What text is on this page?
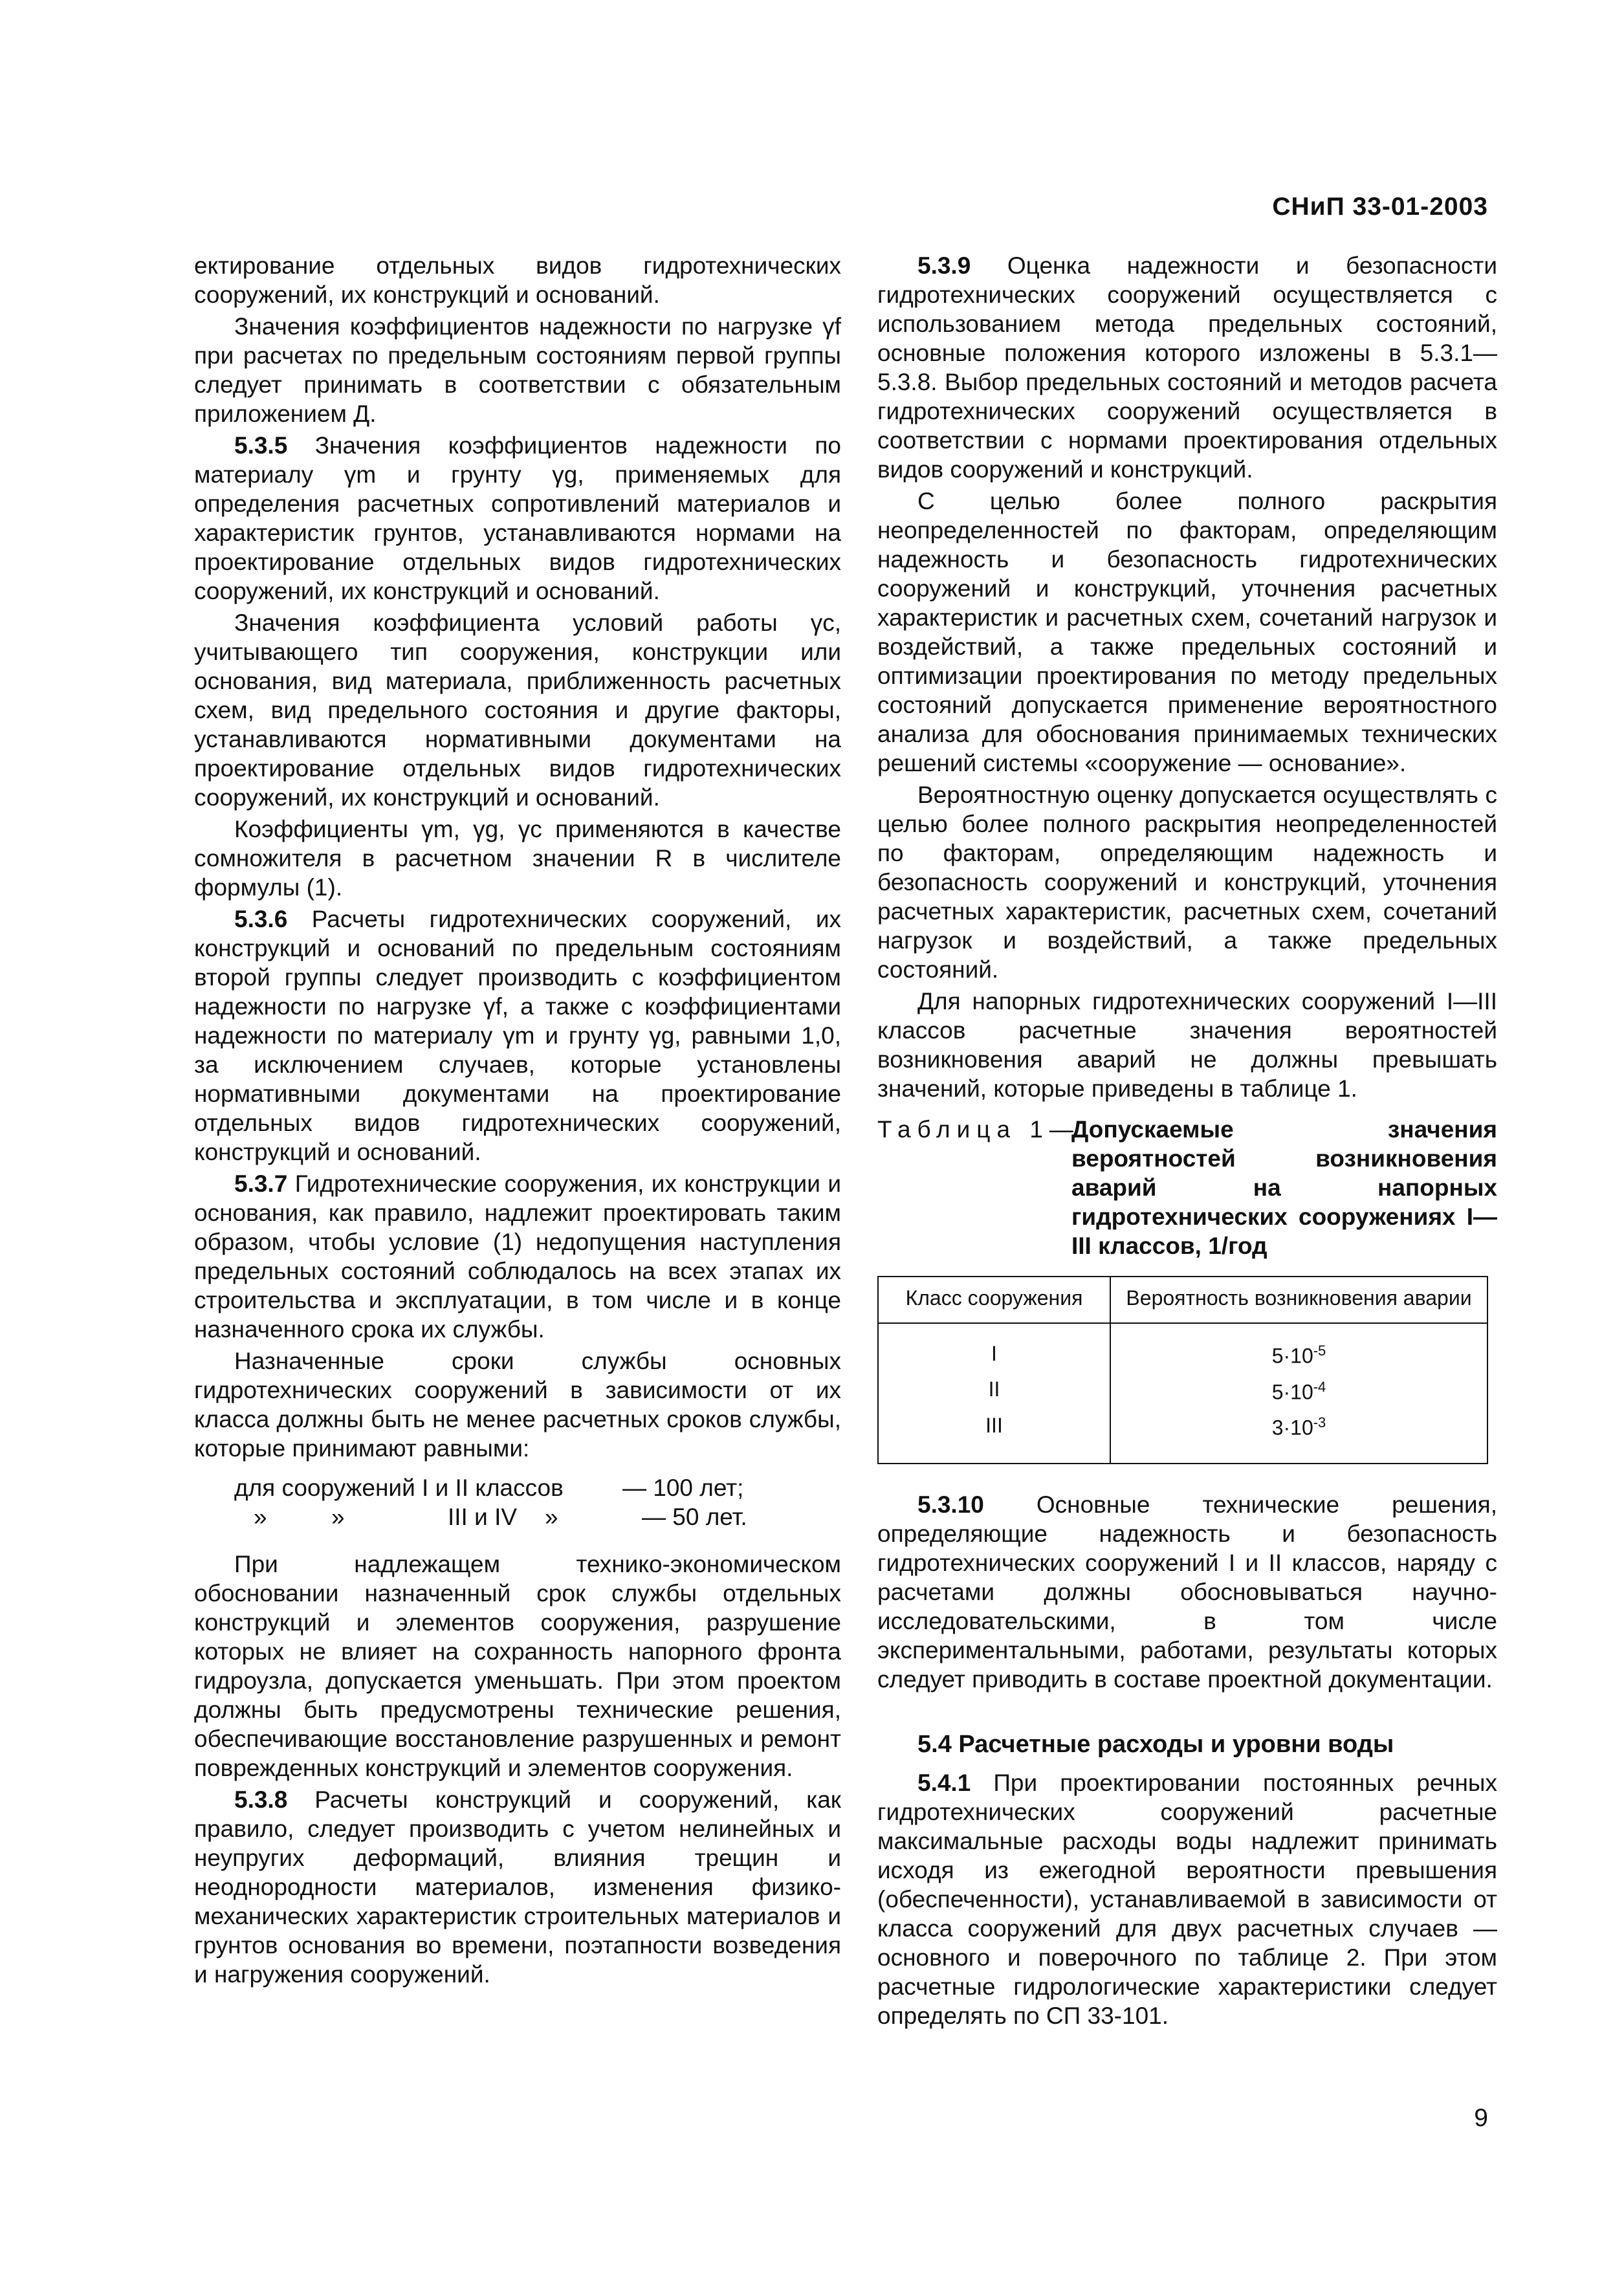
СНиП 33-01-2003

ектирование отдельных видов гидротехнических сооружений, их конструкций и оснований.

Значения коэффициентов надежности по нагрузке γf при расчетах по предельным состояниям первой группы следует принимать в соответствии с обязательным приложением Д.

5.3.5 Значения коэффициентов надежности по материалу γm и грунту γg, применяемых для определения расчетных сопротивлений материалов и характеристик грунтов, устанавливаются нормами на проектирование отдельных видов гидротехнических сооружений, их конструкций и оснований.

Значения коэффициента условий работы γc, учитывающего тип сооружения, конструкции или основания, вид материала, приближенность расчетных схем, вид предельного состояния и другие факторы, устанавливаются нормативными документами на проектирование отдельных видов гидротехнических сооружений, их конструкций и оснований.

Коэффициенты γm, γg, γc применяются в качестве сомножителя в расчетном значении R в числителе формулы (1).

5.3.6 Расчеты гидротехнических сооружений, их конструкций и оснований по предельным состояниям второй группы следует производить с коэффициентом надежности по нагрузке γf, а также с коэффициентами надежности по материалу γm и грунту γg, равными 1,0, за исключением случаев, которые установлены нормативными документами на проектирование отдельных видов гидротехнических сооружений, конструкций и оснований.

5.3.7 Гидротехнические сооружения, их конструкции и основания, как правило, надлежит проектировать таким образом, чтобы условие (1) недопущения наступления предельных состояний соблюдалось на всех этапах их строительства и эксплуатации, в том числе и в конце назначенного срока их службы.

Назначенные сроки службы основных гидротехнических сооружений в зависимости от их класса должны быть не менее расчетных сроков службы, которые принимают равными:

для сооружений I и II классов	— 100 лет;
»	»	III и IV	»	— 50 лет.

При надлежащем технико-экономическом обосновании назначенный срок службы отдельных конструкций и элементов сооружения, разрушение которых не влияет на сохранность напорного фронта гидроузла, допускается уменьшать. При этом проектом должны быть предусмотрены технические решения, обеспечивающие восстановление разрушенных и ремонт поврежденных конструкций и элементов сооружения.

5.3.8 Расчеты конструкций и сооружений, как правило, следует производить с учетом нелинейных и неупругих деформаций, влияния трещин и неоднородности материалов, изменения физико-механических характеристик строительных материалов и грунтов основания во времени, поэтапности возведения и нагружения сооружений.

5.3.9 Оценка надежности и безопасности гидротехнических сооружений осуществляется с использованием метода предельных состояний, основные положения которого изложены в 5.3.1—5.3.8. Выбор предельных состояний и методов расчета гидротехнических сооружений осуществляется в соответствии с нормами проектирования отдельных видов сооружений и конструкций.

С целью более полного раскрытия неопределенностей по факторам, определяющим надежность и безопасность гидротехнических сооружений и конструкций, уточнения расчетных характеристик и расчетных схем, сочетаний нагрузок и воздействий, а также предельных состояний и оптимизации проектирования по методу предельных состояний допускается применение вероятностного анализа для обоснования принимаемых технических решений системы «сооружение — основание».

Вероятностную оценку допускается осуществлять с целью более полного раскрытия неопределенностей по факторам, определяющим надежность и безопасность сооружений и конструкций, уточнения расчетных характеристик, расчетных схем, сочетаний нагрузок и воздействий, а также предельных состояний.

Для напорных гидротехнических сооружений I—III классов расчетные значения вероятностей возникновения аварий не должны превышать значений, которые приведены в таблице 1.

Таблица 1—
Допускаемые значения вероятностей возникновения аварий на напорных гидротехнических сооружениях I—III классов, 1/год
Класс сооружения	Вероятность возникновения аварии
I	$5\cdot 10^{-5}$
II	$5\cdot 10^{-4}$
III	$3\cdot 10^{-3}$

5.3.10 Основные технические решения, определяющие надежность и безопасность гидротехнических сооружений I и II классов, наряду с расчетами должны обосновываться научно-исследовательскими, в том числе экспериментальными, работами, результаты которых следует приводить в составе проектной документации.

5.4 Расчетные расходы и уровни воды

5.4.1 При проектировании постоянных речных гидротехнических сооружений расчетные максимальные расходы воды надлежит принимать исходя из ежегодной вероятности превышения (обеспеченности), устанавливаемой в зависимости от класса сооружений для двух расчетных случаев — основного и поверочного по таблице 2. При этом расчетные гидрологические характеристики следует определять по СП 33-101.

9
